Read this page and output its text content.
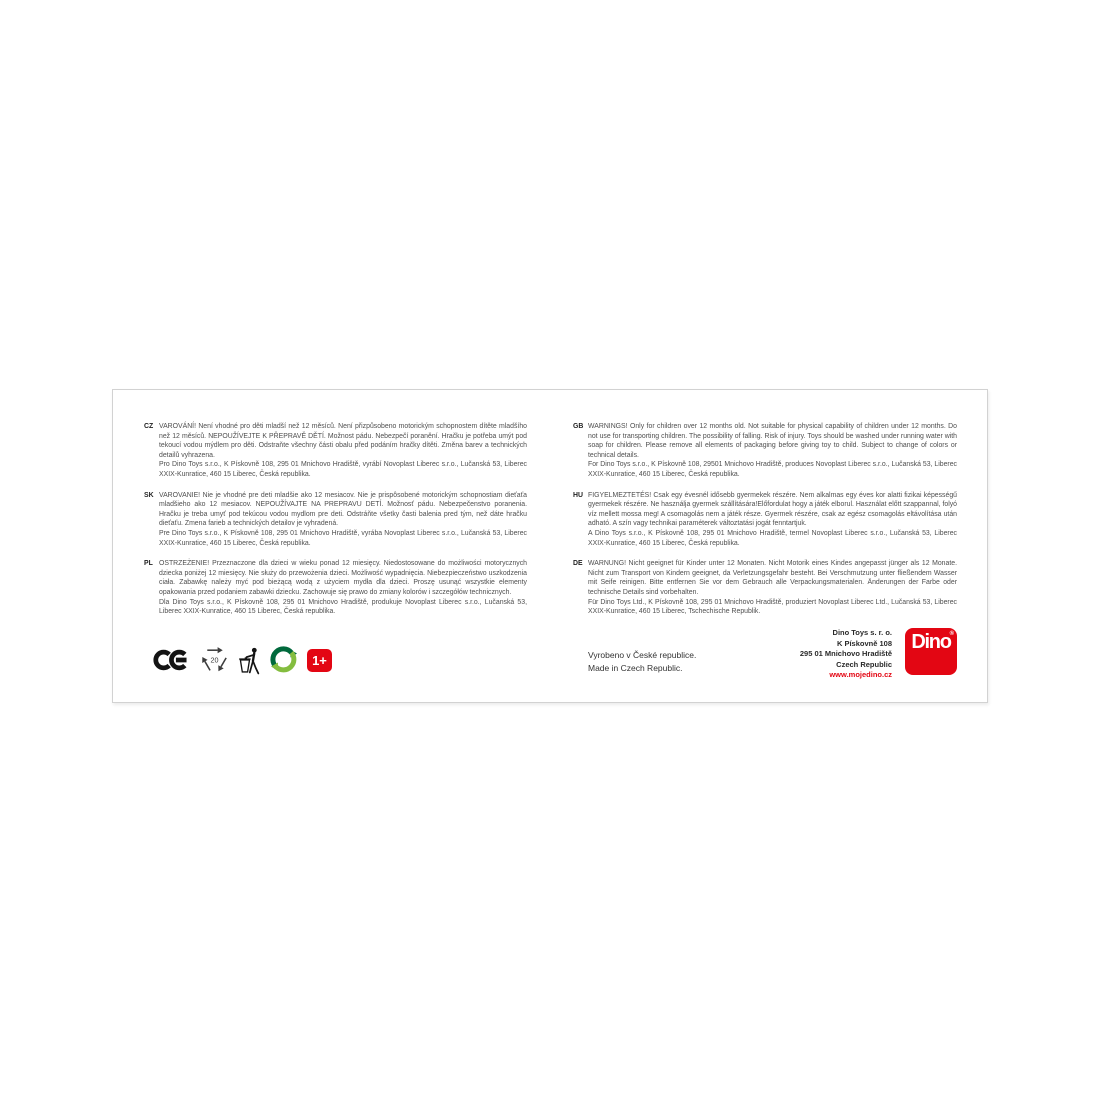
CZ VAROVÁNÍ! Není vhodné pro děti mladší než 12 měsíců. Není přizpůsobeno motorickým schopnostem dítěte mladšího než 12 měsíců. NEPOUŽÍVEJTE K PŘEPRAVĚ DĚTÍ. Možnost pádu. Nebezpečí poranění. Hračku je potřeba umýt pod tekoucí vodou mýdlem pro děti. Odstraňte všechny části obalu před podáním hračky dítěti. Změna barev a technických detailů vyhrazena.
Pro Dino Toys s.r.o., K Pískovně 108, 295 01 Mnichovo Hradiště, vyrábí Novoplast Liberec s.r.o., Lučanská 53, Liberec XXIX-Kunratice, 460 15 Liberec, Česká republika.
SK VAROVANIE! Nie je vhodné pre deti mladšie ako 12 mesiacov. Nie je prispôsobené motorickým schopnostiam dieťaťa mladšieho ako 12 mesiacov. NEPOUŽÍVAJTE NA PREPRAVU DETÍ. Možnosť pádu. Nebezpečenstvo poranenia. Hračku je treba umyť pod tekúcou vodou mydlom pre deti. Odstráňte všetky časti balenia pred tým, než dáte hračku dieťaťu. Zmena farieb a technických detailov je vyhradená.
Pre Dino Toys s.r.o., K Pískovně 108, 295 01 Mnichovo Hradiště, vyrába Novoplast Liberec s.r.o., Lučanská 53, Liberec XXIX-Kunratice, 460 15 Liberec, Česká republika.
PL OSTRZEŻENIE! Przeznaczone dla dzieci w wieku ponad 12 miesięcy. Niedostosowane do możliwości motorycznych dziecka poniżej 12 miesięcy. Nie służy do przewożenia dzieci. Możliwość wypadnięcia. Niebezpieczeństwo uszkodzenia ciała. Zabawkę należy myć pod bieżącą wodą z użyciem mydła dla dzieci. Proszę usunąć wszystkie elementy opakowania przed podaniem zabawki dziecku. Zachowuje się prawo do zmiany kolorów i szczegółów technicznych.
Dla Dino Toys s.r.o., K Pískovně 108, 295 01 Mnichovo Hradiště, produkuje Novoplast Liberec s.r.o., Lučanská 53, Liberec XXIX-Kunratice, 460 15 Liberec, Česká republika.
GB WARNINGS! Only for children over 12 months old. Not suitable for physical capability of children under 12 months. Do not use for transporting children. The possibility of falling. Risk of injury. Toys should be washed under running water with soap for children. Please remove all elements of packaging before giving toy to child. Subject to change of colors or technical details.
For Dino Toys s.r.o., K Pískovně 108, 29501 Mnichovo Hradiště, produces Novoplast Liberec s.r.o., Lučanská 53, Liberec XXIX-Kunratice, 460 15 Liberec, Česká republika.
HU FIGYELMEZTETÉS! Csak egy évesnél idősebb gyermekek részére. Nem alkalmas egy éves kor alatti fizikai képességű gyermekek részére. Ne használja gyermek szállítására!Előfordulat hogy a játék elborul. Használat előtt szappannal, folyó víz mellett mossa meg! A csomagolás nem a játék része. Gyermek részére, csak az egész csomagolás eltávolítása után adható. A szín vagy technikai paraméterek változtatási jogát fenntartjuk.
A Dino Toys s.r.o., K Pískovně 108, 295 01 Mnichovo Hradiště, termel Novoplast Liberec s.r.o., Lučanská 53, Liberec XXIX-Kunratice, 460 15 Liberec, Česká republika.
DE WARNUNG! Nicht geeignet für Kinder unter 12 Monaten. Nicht Motorik eines Kindes angepasst jünger als 12 Monate. Nicht zum Transport von Kindern geeignet, da Verletzungsgefahr besteht. Bei Verschmutzung unter fließendem Wasser mit Seife reinigen. Bitte entfernen Sie vor dem Gebrauch alle Verpackungsmaterialen. Änderungen der Farbe oder technische Details sind vorbehalten.
Für Dino Toys Ltd., K Pískovně 108, 295 01 Mnichovo Hradiště, produziert Novoplast Liberec Ltd., Lučanská 53, Liberec XXIX-Kunratice, 460 15 Liberec, Tschechische Republik.
20	1+	Vyrobeno v České republice.
Made in Czech Republic.
Dino Toys s. r. o.
K Pískovně 108
295 01 Mnichovo Hradiště
Czech Republic
www.mojedino.cz
Dino
®
